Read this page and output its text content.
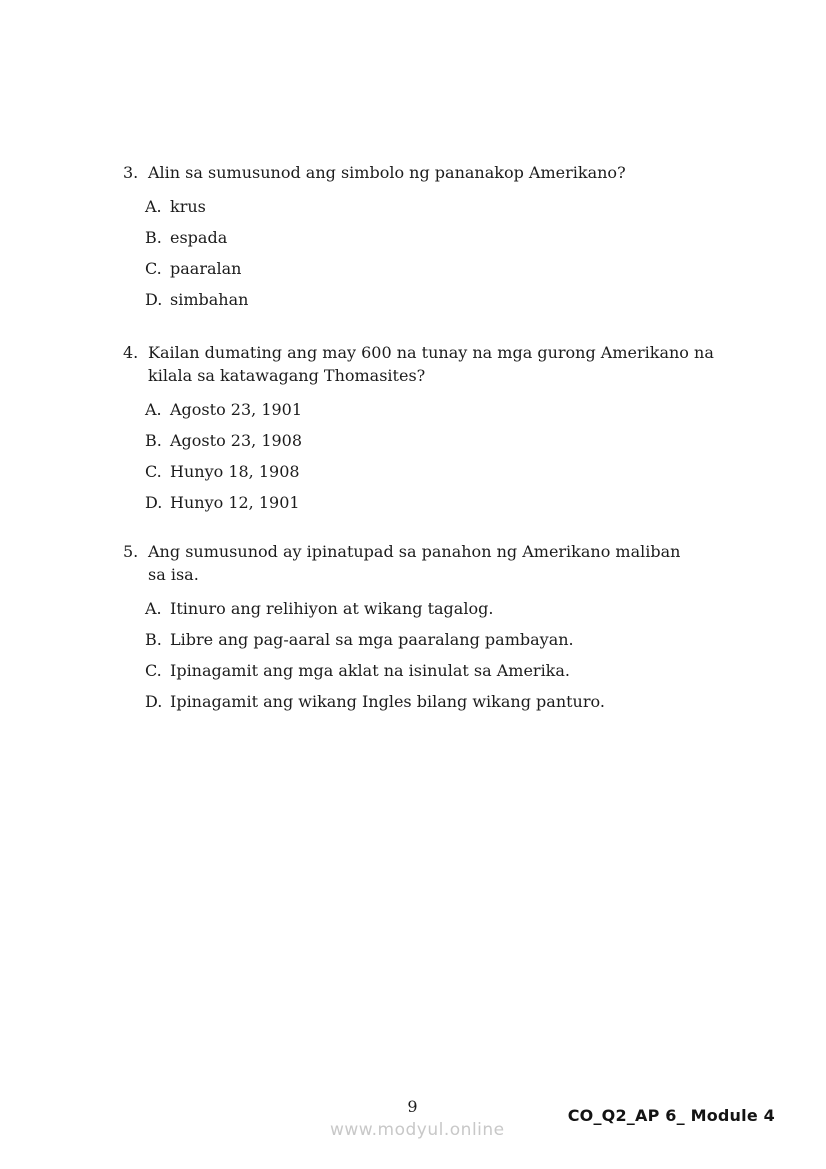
3. Alin sa sumusunod ang simbolo ng pananakop Amerikano?
A. krus
B. espada
C. paaralan
D. simbahan
4. Kailan dumating ang may 600 na tunay na mga gurong Amerikano na
kilala sa katawagang Thomasites?
A. Agosto 23, 1901
B. Agosto 23, 1908
C. Hunyo 18, 1908
D. Hunyo 12, 1901
5. Ang sumusunod ay ipinatupad sa panahon ng Amerikano maliban
sa isa.
A. Itinuro ang relihiyon at wikang tagalog.
B. Libre ang pag-aaral sa mga paaralang pambayan.
C. Ipinagamit ang mga aklat na isinulat sa Amerika.
D. Ipinagamit ang wikang Ingles bilang wikang panturo.
9
www.modyul.online
CO_Q2_AP 6_ Module 4
